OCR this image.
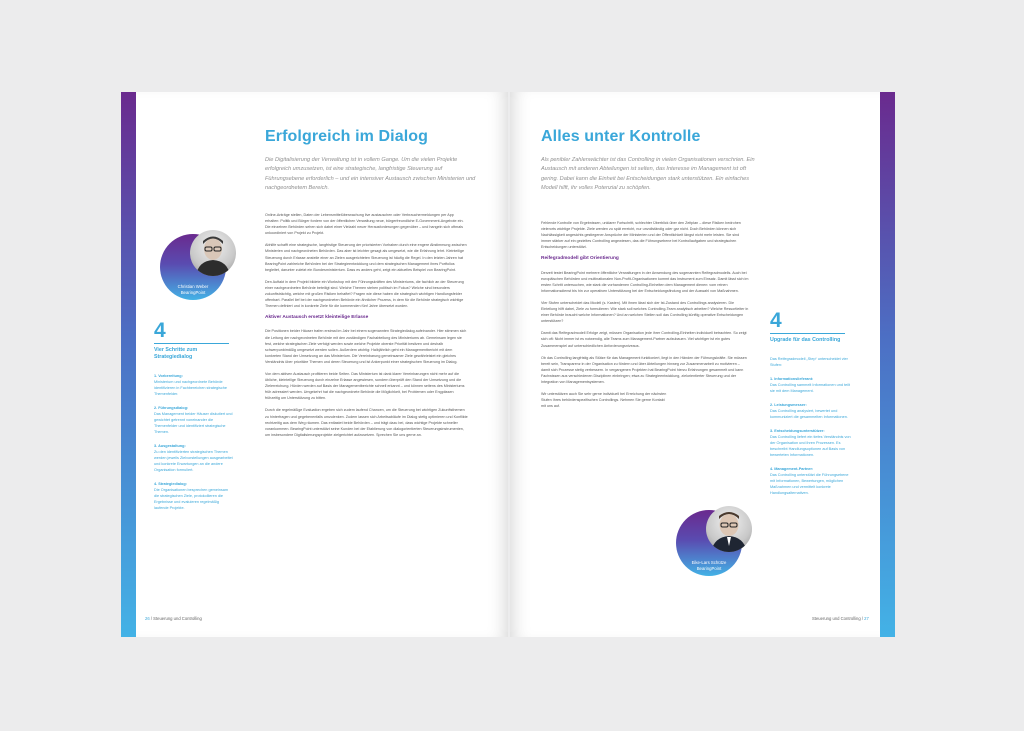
Erfolgreich im Dialog

Die Digitalisierung der Verwaltung ist in vollem Gange. Um die vielen Projekte erfolgreich umzusetzen, ist eine strategische, langfristige Steuerung auf Führungsebene erforderlich – und ein intensiver Austausch zwischen Ministerien und nachgeordnetem Bereich.

Online-Anträge stellen, Daten der Lebensmittelüberwachung live austauschen oder Verbrauchermeldungen per App erhalten: Politik und Bürger fordern von der öffentlichen Verwaltung neue, bürgerfreundliche E-Government-Angebote ein. Die einzelnen Behörden sehen sich dabei einer Vielzahl neuer Herausforderungen gegenüber – und hangeln sich oftmals unkoordiniert von Projekt zu Projekt.

Abhilfe schafft eine strategische, langfristige Steuerung der priorisierten Vorhaben durch eine engere Abstimmung zwischen Ministerien und nachgeordneten Behörden. Das aber ist leichter gesagt als umgesetzt, wie die Erfahrung lehrt. Kleinteilige Steuerung durch Erlasse anstelle einer an Zielen ausgerichteten Steuerung ist häufig die Regel. In den letzten Jahren hat BearingPoint zahlreiche Behörden bei der Strategieentwicklung und dem strategischen Management ihres Portfolios begleitet, darunter zuletzt ein Bundesministerium. Dass es anders geht, zeigt ein aktuelles Beispiel von BearingPoint.

Den Auftakt in dem Projekt bildete ein Workshop mit den Führungskräften des Ministeriums, die fachlich an der Steuerung einer nachgeordneten Behörde beteiligt sind. Welche Themen stehen politisch im Fokus? Welche sind besonders zukunftsträchtig, welche mit großen Risiken behaftet? Fragen wie diese haben die strategisch wichtigen Handlungsfelder offenbart. Parallel lief bei der nachgeordneten Behörde ein ähnlicher Prozess, in dem für die Behörde strategisch wichtige Themen definiert und in konkrete Ziele für die kommenden fünf Jahre übersetzt wurden.

Aktiver Austausch ersetzt kleinteilige Erlasse

Die Positionen beider Häuser trafen erstmal im Jahr bei einem sogenannten Strategiedialog aufeinander. Hier stimmen sich die Leitung der nachgeordneten Behörde mit den zuständigen Fachabteilung des Ministeriums ab. Gemeinsam legen sie fest, welche strategischen Ziele verfolgt werden sowie welche Projekte oberste Priorität besitzen und deshalb schwerpunktmäßig umgesetzt werden sollen. Außerdem wichtig: Halbjährlich geht ein Managementbericht mit dem konkreten Stand der Umsetzung an das Ministerium. Die Vereinbarung gemeinsamer Ziele gewährleistet ein gleiches Verständnis über prioritäre Themen und deren Steuerung und ist Ankerpunkt einer strategischen Steuerung im Dialog.

Von dem aktiven Austausch profitieren beide Seiten. Das Ministerium ist dank klarer Vereinbarungen nicht mehr auf die übliche, kleinteilige Steuerung durch einzelne Erlasse angewiesen, sondern überprüft den Stand der Umsetzung und die Zielerreichung. Hürden werden auf Basis der Managementberichte schnell erkannt – und können seitens des Ministeriums früh adressiert werden. Umgekehrt hat die nachgeordnete Behörde die Möglichkeit, bei Problemen oder Engpässen frühzeitig um Unterstützung zu bitten.

Durch die regelmäßige Evaluation ergeben sich zudem laufend Chancen, um die Steuerung bei wichtigen Zukunftsthemen zu hinterfragen und gegebenenfalls umzulenken. Zudem lassen sich Arbeitsabläufe im Dialog stetig optimieren und Konflikte rechtzeitig aus dem Weg räumen. Das entlastet beide Behörden – und trägt dazu bei, dass wichtige Projekte schneller vorankommen. BearingPoint unterstützt seine Kunden bei der Etablierung von dialogorientierten Steuerungsinstrumenten, um insbesondere Digitalisierungsprojekte zielgerichtet aufzusetzen. Sprechen Sie uns gerne an.

Christian Weber
BearingPoint
4
Vier Schritte zum Strategiedialog
1. Vorbereitung:
Ministerium und nachgeordnete Behörde identifizieren in Fachbereichen strategische Themenfelder.
2. Führungsdialog:
Das Management beider Häuser diskutiert und gewichtet getrennt voneinander die Themenfelder und identifiziert strategische Themen.
3. Ausgestaltung:
Zu den identifizierten strategischen Themen werden jeweils Zielvorstellungen ausgearbeitet und konkrete Erwartungen an die andere Organisation formuliert.
4. Strategiedialog:
Die Organisationen besprechen gemeinsam die strategischen Ziele, protokollieren die Ergebnisse und evaluieren regelmäßig laufende Projekte.
26 / Steuerung und Controlling
Alles unter Kontrolle

Als penibler Zahlenwächter ist das Controlling in vielen Organisationen verschrien. Ein Austausch mit anderen Abteilungen ist selten, das Interesse im Management ist oft gering. Dabei kann die Einheit bei Entscheidungen stark unterstützen. Ein einfaches Modell hilft, ihr volles Potenzial zu schöpfen.

Fehlende Kontrolle von Ergebnissen, unklarer Fortschritt, schlechter Überblick über den Zeitplan – diese Risiken bedrohen vielerorts wichtige Projekte. Ziele werden zu spät erreicht, nur unvollständig oder gar nicht. Doch Behörden können sich Nachlässigkeit angesichts gestiegener Ansprüche der Ministerien und der Öffentlichkeit längst nicht mehr leisten. Sie sind immer stärker auf ein gezieltes Controlling angewiesen, das die Führungsebene bei Kontrollaufgaben und strategischen Entscheidungen unterstützt.

Reifegradmodell gibt Orientierung

Derzeit testet BearingPoint mehrere öffentliche Verwaltungen in der Anwendung des sogenannten Reifegradmodells. Auch bei europäischen Behörden und multinationalen Non-Profit-Organisationen kommt das Instrument zum Einsatz. Damit lässt sich im ersten Schritt untersuchen, wie stark die vorhandenen Controlling-Einheiten dem Management dienen: vom reinen Informationsdienst bis hin zur operativen Unterstützung bei der Entscheidungsfindung und der Auswahl von Maßnahmen.

Vier Stufen unterscheidet das Modell (s. Kasten). Mit ihnen lässt sich der Ist-Zustand des Controllings analysieren. Die Einteilung hilft dabei, Ziele zu formulieren: Wie stark soll welches Controlling-Team analytisch arbeiten? Welche Ressortleiter in einer Behörde braucht welche Informationen? Und an welchen Stellen soll das Controlling künftig operative Entscheidungen unterstützen?

Damit das Reifegradmodell Erfolge zeigt, müssen Organisation jede ihrer Controlling-Einheiten individuell betrachten. So zeigt sich oft: Nicht immer ist es notwendig, alle Teams zum Management-Partner aufzubauen. Viel wichtiger ist ein gutes Zusammenspiel auf unterschiedlichen Anforderungsniveaus.

Ob das Controlling langfristig als Stütze für das Management funktioniert, liegt in den Händen der Führungskräfte. Sie müssen bereit sein, Transparenz in der Organisation zu fördern und über Abteilungen hinweg zur Zusammenarbeit zu motivieren – damit sich Prozesse stetig verbessern. In vergangenen Projekten hat BearingPoint hierzu Erfahrungen gesammelt und kann Fachwissen aus verschiedenen Disziplinen einbringen; etwa zu Strategieentwicklung, zielorientierter Steuerung und der Integration von Managementsystemen.

Wir unterstützen auch Sie sehr gerne individuell bei Erreichung der nächsten Stufen Ihres behördenspezifischen Controllings. Nehmen Sie gerne Kontakt mit uns auf.

Eike-Lars Schütze
BearingPoint
4
Upgrade für das Controlling
Das Reifegradmodell „Step“ unterscheidet vier Stufen:
1. Informationslieferant:
Das Controlling sammelt Informationen und teilt sie mit dem Management.
2. Leistungsmesser:
Das Controlling analysiert, bewertet und kommuniziert die gesammelten Informationen.
3. Entscheidungsunterstützer:
Das Controlling liefert ein tiefes Verständnis von der Organisation und ihren Prozessen. Es beschreibt Handlungsoptionen auf Basis von bewerteten Informationen.
4. Management-Partner:
Das Controlling unterstützt die Führungsebene mit Informationen, Bewertungen, möglichen Maßnahmen und vermittelt konkrete Handlungsalternativen.
Steuerung und Controlling / 27
